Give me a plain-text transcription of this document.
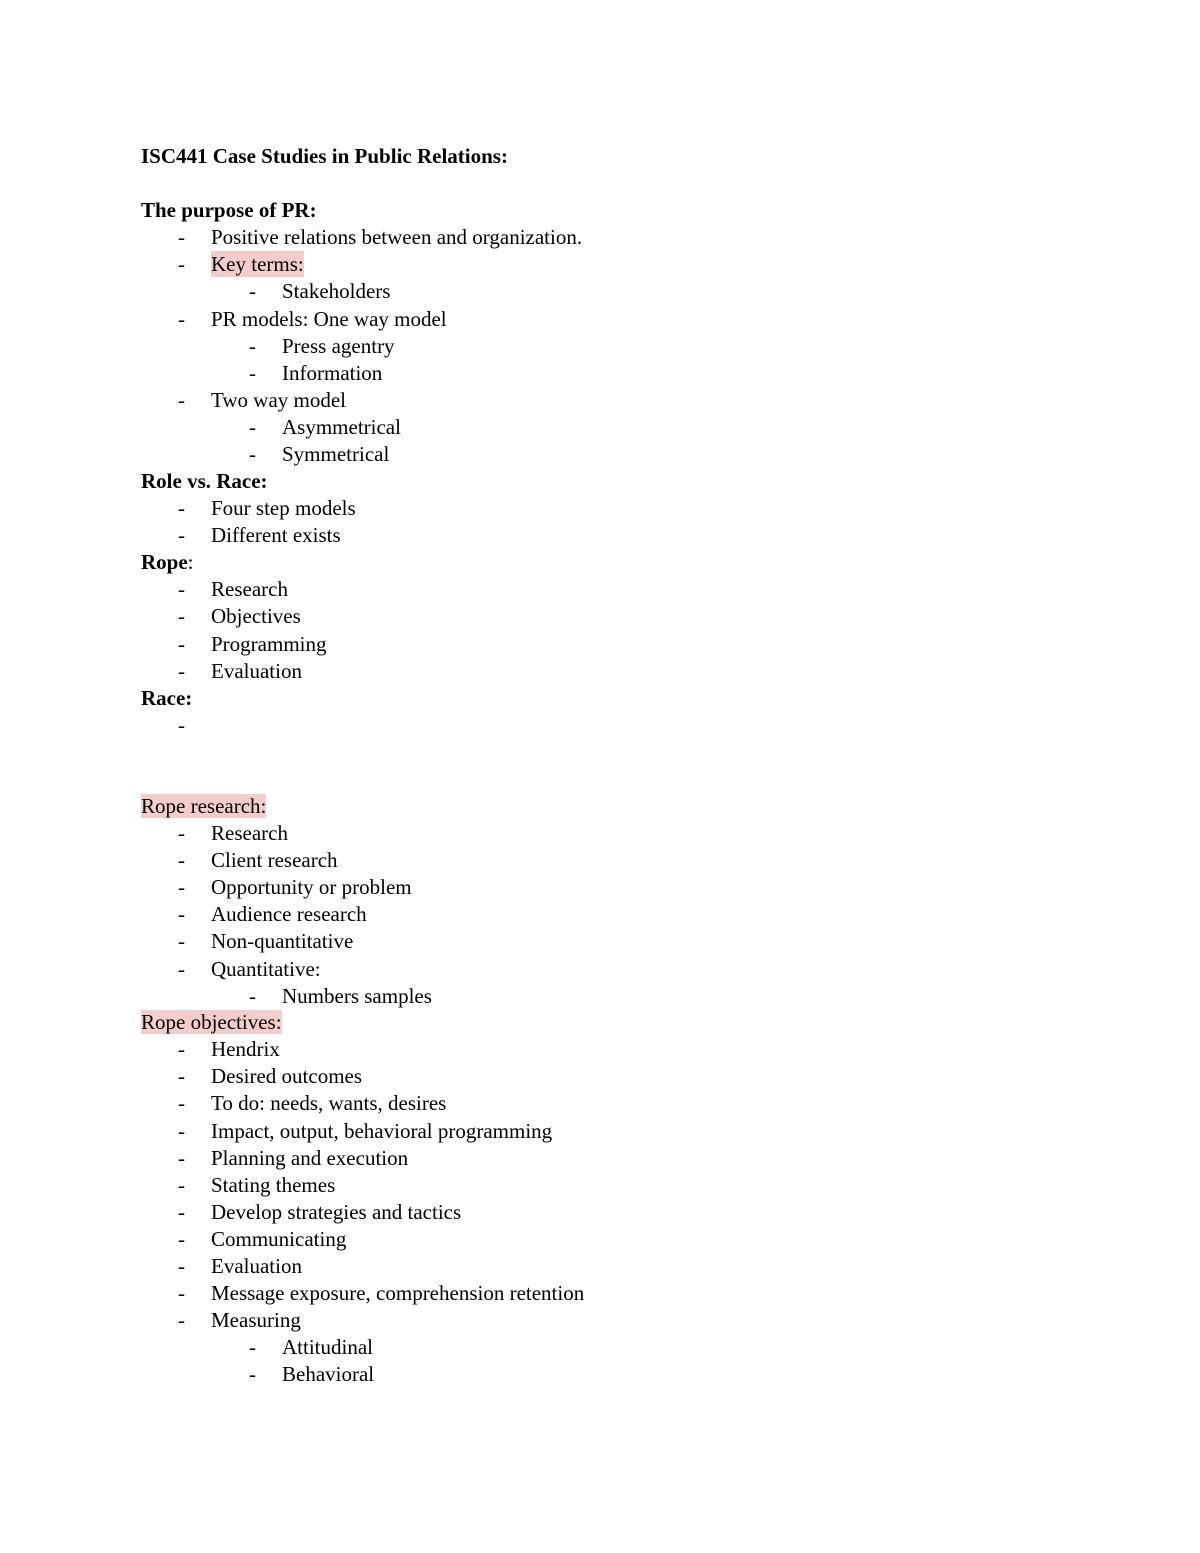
ISC441 Case Studies in Public Relations:
The purpose of PR:
- Positive relations between and organization.
- Key terms:
- Stakeholders
- PR models: One way model
- Press agentry
- Information
- Two way model
- Asymmetrical
- Symmetrical
Role vs. Race:
- Four step models
- Different exists
Rope:
- Research
- Objectives
- Programming
- Evaluation
Race:
-
Rope research:
- Research
- Client research
- Opportunity or problem
- Audience research
- Non-quantitative
- Quantitative:
- Numbers samples
Rope objectives:
- Hendrix
- Desired outcomes
- To do: needs, wants, desires
- Impact, output, behavioral programming
- Planning and execution
- Stating themes
- Develop strategies and tactics
- Communicating
- Evaluation
- Message exposure, comprehension retention
- Measuring
- Attitudinal
- Behavioral
